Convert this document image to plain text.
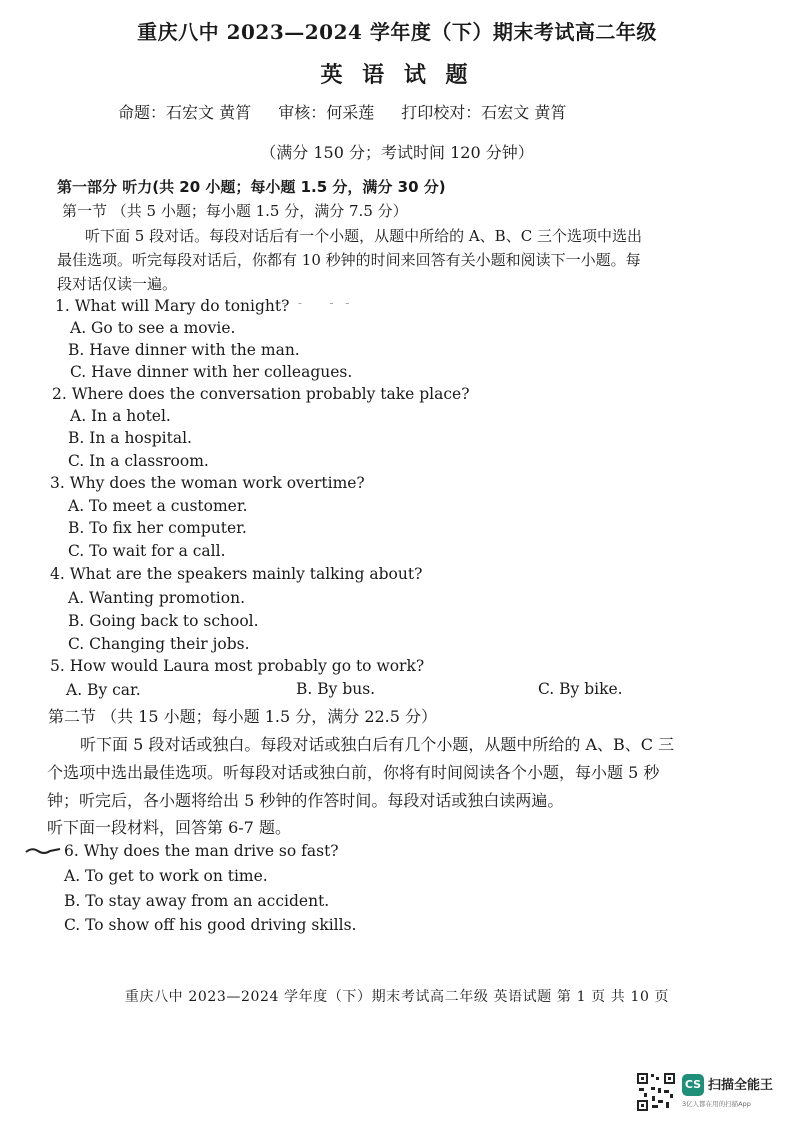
重庆八中 2023—2024 学年度（下）期末考试高二年级
英 语 试 题
命题：石宏文 黄筲 审核：何采莲 打印校对：石宏文 黄筲
（满分 150 分；考试时间 120 分钟）
第一部分 听力(共 20 小题；每小题 1.5 分，满分 30 分)
第一节 （共 5 小题；每小题 1.5 分，满分 7.5 分）
听下面 5 段对话。每段对话后有一个小题，从题中所给的 A、B、C 三个选项中选出
最佳选项。听完每段对话后，你都有 10 秒钟的时间来回答有关小题和阅读下一小题。每
段对话仅读一遍。
1. What will Mary do tonight?
- -   - -
A. Go to see a movie.
B. Have dinner with the man.
C. Have dinner with her colleagues.
2. Where does the conversation probably take place?
A. In a hotel.
B. In a hospital.
C. In a classroom.
3. Why does the woman work overtime?
A. To meet a customer.
B. To fix her computer.
C. To wait for a call.
4. What are the speakers mainly talking about?
A. Wanting promotion.
B. Going back to school.
C. Changing their jobs.
5. How would Laura most probably go to work?
A. By car.	B. By bus.	C. By bike.
第二节 （共 15 小题；每小题 1.5 分，满分 22.5 分）
听下面 5 段对话或独白。每段对话或独白后有几个小题，从题中所给的 A、B、C 三
个选项中选出最佳选项。听每段对话或独白前，你将有时间阅读各个小题，每小题 5 秒
钟；听完后，各小题将给出 5 秒钟的作答时间。每段对话或独白读两遍。
听下面一段材料，回答第 6-7 题。
6. Why does the man drive so fast?
A. To get to work on time.
B. To stay away from an accident.
C. To show off his good driving skills.
重庆八中 2023—2024 学年度（下）期末考试高二年级 英语试题 第 1 页 共 10 页
CS 扫描全能王
3亿人都在用的扫描App
